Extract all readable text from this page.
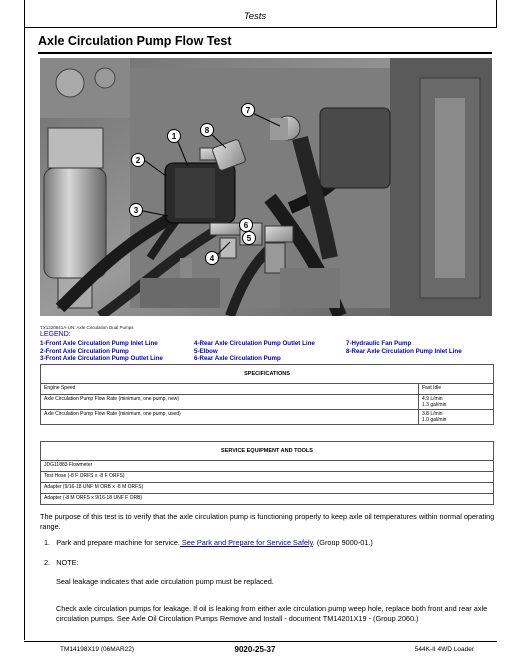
Tests
Axle Circulation Pump Flow Test
1
2
3
4
5
6
7
8
TX1220641A-UN: Axle Circulation Dual Pumps
LEGEND:
1-Front Axle Circulation Pump Inlet Line
2-Front Axle Circulation Pump
3-Front Axle Circulation Pump Outlet Line
4-Rear Axle Circulation Pump Outlet Line
5-Elbow
6-Rear Axle Circulation Pump
7-Hydraulic Fan Pump
8-Rear Axle Circulation Pump Inlet Line
SPECIFICATIONS	
Engine Speed	Fast Idle
Axle Circulation Pump Flow Rate (minimum, one pump, new)	4.9 L/min
1.3 gal/min

Axle Circulation Pump Flow Rate (minimum, one pump, used)	3.8 L/min
1.0 gal/min
SERVICE EQUIPMENT AND TOOLS
JDG11883 Flowmeter
Test Hose (-8 F ORFS x -8 F ORFS)
Adapter (9/16-18 UNF M ORB x -8 M ORFS)
Adapter (-8 M ORFS x 9/16-18 UNF F ORB)
The purpose of this test is to verify that the axle circulation pump is functioning properly to keep axle oil temperatures within normal operating range.
1. Park and prepare machine for service. See Park and Prepare for Service Safely. (Group 9000-01.)
2. NOTE:
Seal leakage indicates that axle circulation pump must be replaced.
Check axle circulation pumps for leakage. If oil is leaking from either axle circulation pump weep hole, replace both front and rear axle circulation pumps. See Axle Oil Circulation Pumps Remove and Install - document TM14201X19 - (Group 2060.)
TM14198X19 (06MAR22)	9020-25-37	544K-II 4WD Loader
